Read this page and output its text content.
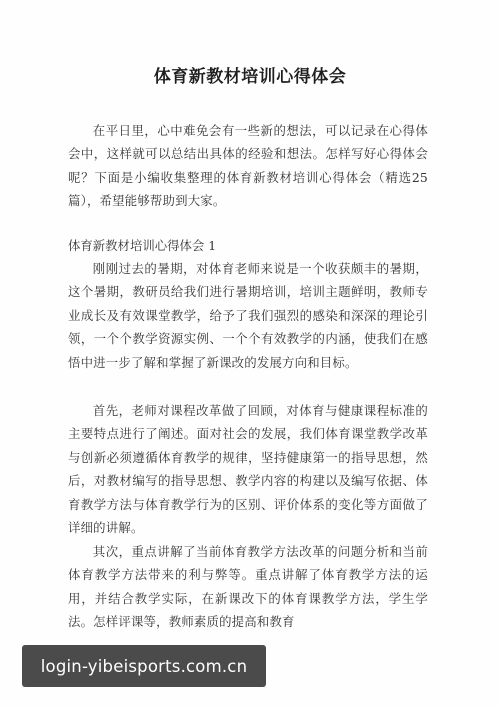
体育新教材培训心得体会

在平日里，心中难免会有一些新的想法，可以记录在心得体会中，这样就可以总结出具体的经验和想法。怎样写好心得体会呢？下面是小编收集整理的体育新教材培训心得体会（精选25篇），希望能够帮助到大家。

体育新教材培训心得体会 1

刚刚过去的暑期，对体育老师来说是一个收获颇丰的暑期，这个暑期，教研员给我们进行暑期培训，培训主题鲜明，教师专业成长及有效课堂教学，给予了我们强烈的感染和深深的理论引领，一个个教学资源实例、一个个有效教学的内涵，使我们在感悟中进一步了解和掌握了新课改的发展方向和目标。

首先，老师对课程改革做了回顾，对体育与健康课程标准的主要特点进行了阐述。面对社会的发展，我们体育课堂教学改革与创新必须遵循体育教学的规律，坚持健康第一的指导思想，然后，对教材编写的指导思想、教学内容的构建以及编写依据、体育教学方法与体育教学行为的区别、评价体系的变化等方面做了详细的讲解。

其次，重点讲解了当前体育教学方法改革的问题分析和当前体育教学方法带来的利与弊等。重点讲解了体育教学方法的运用，并结合教学实际，在新课改下的体育课教学方法，学生学法。怎样评课等，教师素质的提高和教育

login-yibeisports.com.cn
